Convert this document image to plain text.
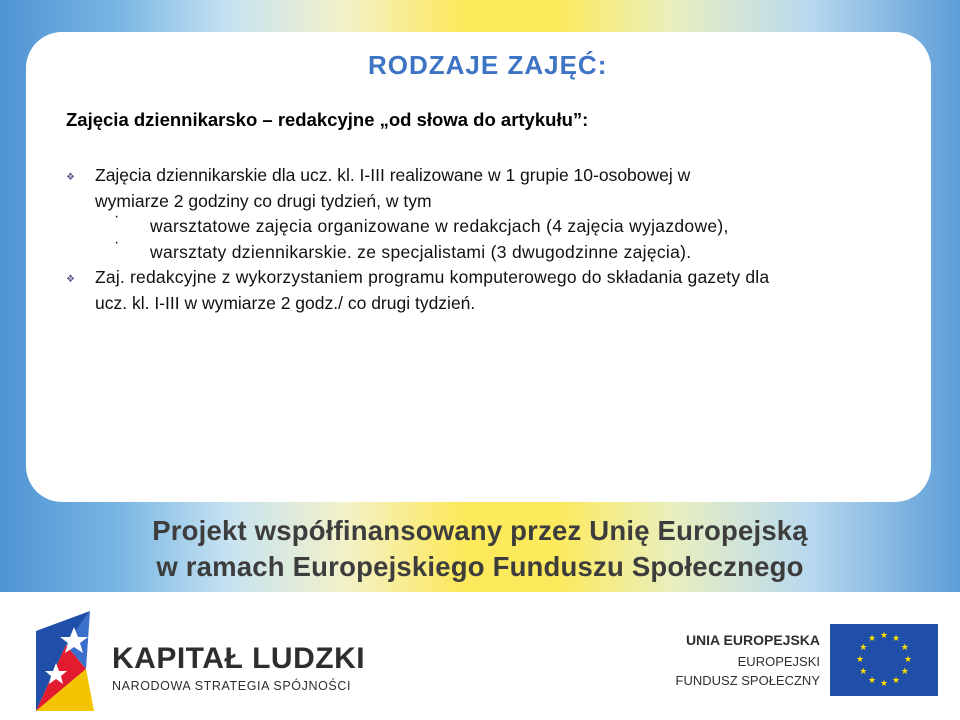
RODZAJE ZAJĘĆ:
Zajęcia dziennikarsko – redakcyjne „od słowa do artykułu”:
❖ Zajęcia dziennikarskie dla ucz. kl. I-III realizowane w 1 grupie 10-osobowej w
wymiarze 2 godziny co drugi tydzień, w tym
· warsztatowe zajęcia organizowane w redakcjach (4 zajęcia wyjazdowe),
· warsztaty dziennikarskie. ze specjalistami (3 dwugodzinne zajęcia).
❖ Zaj. redakcyjne z wykorzystaniem programu komputerowego do składania gazety dla
ucz. kl. I-III w wymiarze 2 godz./ co drugi tydzień.
Projekt współfinansowany przez Unię Europejską
w ramach Europejskiego Funduszu Społecznego
KAPITAŁ LUDZKI
NARODOWA STRATEGIA SPÓJNOŚCI
UNIA EUROPEJSKA
EUROPEJSKI
FUNDUSZ SPOŁECZNY
★ ★
★
★
★
★
★
★
★
★
★
★
